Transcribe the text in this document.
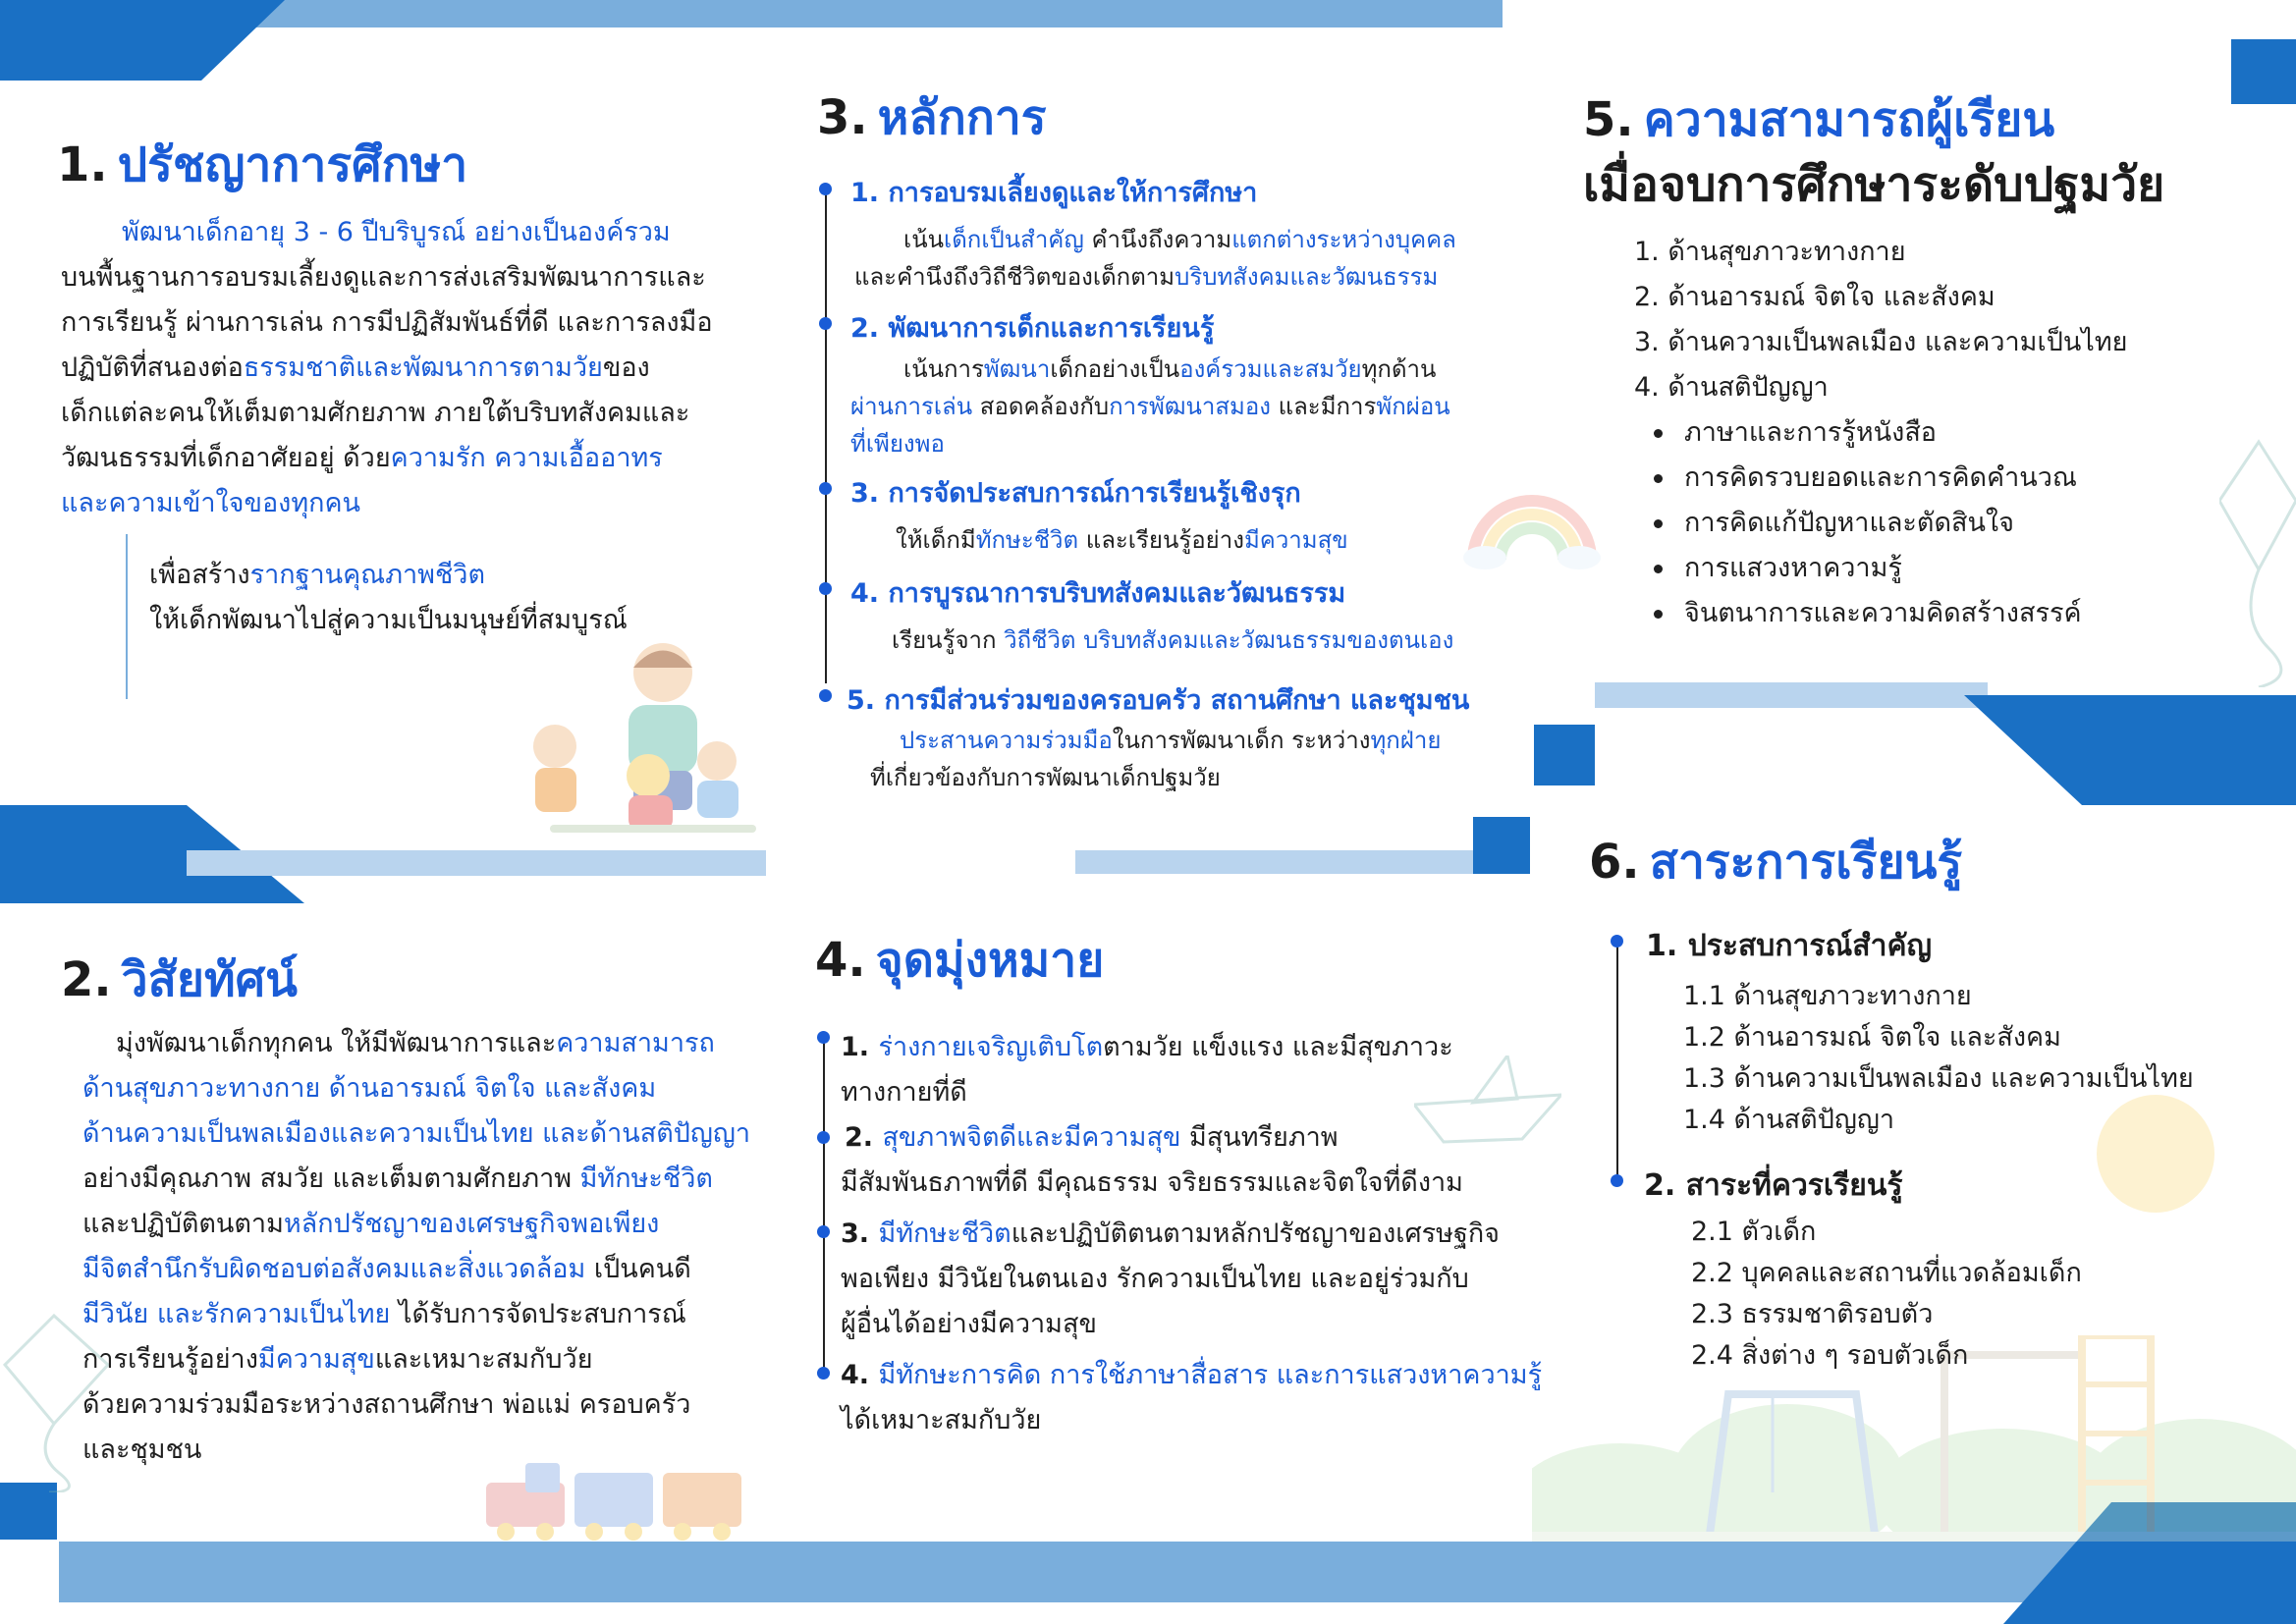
1. ปรัชญาการศึกษา
พัฒนาเด็กอายุ 3 - 6 ปีบริบูรณ์ อย่างเป็นองค์รวม
บนพื้นฐานการอบรมเลี้ยงดูและการส่งเสริมพัฒนาการและ
การเรียนรู้ ผ่านการเล่น การมีปฏิสัมพันธ์ที่ดี และการลงมือ
ปฏิบัติที่สนองต่อธรรมชาติและพัฒนาการตามวัยของ
เด็กแต่ละคนให้เต็มตามศักยภาพ ภายใต้บริบทสังคมและ
วัฒนธรรมที่เด็กอาศัยอยู่ ด้วยความรัก ความเอื้ออาทร
และความเข้าใจของทุกคน
เพื่อสร้างรากฐานคุณภาพชีวิต
ให้เด็กพัฒนาไปสู่ความเป็นมนุษย์ที่สมบูรณ์
2. วิสัยทัศน์
มุ่งพัฒนาเด็กทุกคน ให้มีพัฒนาการและความสามารถ
ด้านสุขภาวะทางกาย ด้านอารมณ์ จิตใจ และสังคม
ด้านความเป็นพลเมืองและความเป็นไทย และด้านสติปัญญา
อย่างมีคุณภาพ สมวัย และเต็มตามศักยภาพ มีทักษะชีวิต
และปฏิบัติตนตามหลักปรัชญาของเศรษฐกิจพอเพียง
มีจิตสำนึกรับผิดชอบต่อสังคมและสิ่งแวดล้อม เป็นคนดี
มีวินัย และรักความเป็นไทย ได้รับการจัดประสบการณ์
การเรียนรู้อย่างมีความสุขและเหมาะสมกับวัย
ด้วยความร่วมมือระหว่างสถานศึกษา พ่อแม่ ครอบครัว
และชุมชน
3. หลักการ
1. การอบรมเลี้ยงดูและให้การศึกษา
เน้นเด็กเป็นสำคัญ คำนึงถึงความแตกต่างระหว่างบุคคล
และคำนึงถึงวิถีชีวิตของเด็กตามบริบทสังคมและวัฒนธรรม
2. พัฒนาการเด็กและการเรียนรู้
เน้นการพัฒนาเด็กอย่างเป็นองค์รวมและสมวัยทุกด้าน
ผ่านการเล่น สอดคล้องกับการพัฒนาสมอง และมีการพักผ่อน
ที่เพียงพอ
3. การจัดประสบการณ์การเรียนรู้เชิงรุก
ให้เด็กมีทักษะชีวิต และเรียนรู้อย่างมีความสุข
4. การบูรณาการบริบทสังคมและวัฒนธรรม
เรียนรู้จาก วิถีชีวิต บริบทสังคมและวัฒนธรรมของตนเอง
5. การมีส่วนร่วมของครอบครัว สถานศึกษา และชุมชน
ประสานความร่วมมือในการพัฒนาเด็ก ระหว่างทุกฝ่าย
ที่เกี่ยวข้องกับการพัฒนาเด็กปฐมวัย
4. จุดมุ่งหมาย
1. ร่างกายเจริญเติบโตตามวัย แข็งแรง และมีสุขภาวะ
ทางกายที่ดี
2. สุขภาพจิตดีและมีความสุข มีสุนทรียภาพ
มีสัมพันธภาพที่ดี มีคุณธรรม จริยธรรมและจิตใจที่ดีงาม
3. มีทักษะชีวิตและปฏิบัติตนตามหลักปรัชญาของเศรษฐกิจ
พอเพียง มีวินัยในตนเอง รักความเป็นไทย และอยู่ร่วมกับ
ผู้อื่นได้อย่างมีความสุข
4. มีทักษะการคิด การใช้ภาษาสื่อสาร และการแสวงหาความรู้
ได้เหมาะสมกับวัย
5. ความสามารถผู้เรียน
เมื่อจบการศึกษาระดับปฐมวัย
1. ด้านสุขภาวะทางกาย
2. ด้านอารมณ์ จิตใจ และสังคม
3. ด้านความเป็นพลเมือง และความเป็นไทย
4. ด้านสติปัญญา
ภาษาและการรู้หนังสือ
การคิดรวบยอดและการคิดคำนวณ
การคิดแก้ปัญหาและตัดสินใจ
การแสวงหาความรู้
จินตนาการและความคิดสร้างสรรค์
6. สาระการเรียนรู้
1. ประสบการณ์สำคัญ
1.1 ด้านสุขภาวะทางกาย
1.2 ด้านอารมณ์ จิตใจ และสังคม
1.3 ด้านความเป็นพลเมือง และความเป็นไทย
1.4 ด้านสติปัญญา
2. สาระที่ควรเรียนรู้
2.1 ตัวเด็ก
2.2 บุคคลและสถานที่แวดล้อมเด็ก
2.3 ธรรมชาติรอบตัว
2.4 สิ่งต่าง ๆ รอบตัวเด็ก
